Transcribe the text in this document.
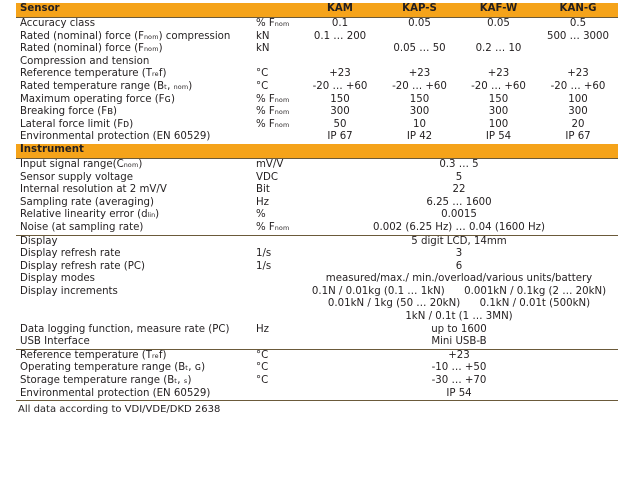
Sensor		KAM	KAP-S	KAF-W	KAN-G
Accuracy class	% Fₙₒₘ	0.1	0.05	0.05	0.5
Rated (nominal) force (Fₙₒₘ) compression	kN	0.1 … 200			500 … 3000

Rated (nominal) force (Fₙₒₘ)
Compression and tension	kN		0.05 … 50	0.2 … 10	
Reference temperature (Tᵣₑf)	°C	+23	+23	+23	+23
Rated temperature range (Bₜ, ₙₒₘ)	°C	-20 … +60	-20 … +60	-20 … +60	-20 … +60
Maximum operating force (Fɢ)	% Fₙₒₘ	150	150	150	100
Breaking force (Fʙ)	% Fₙₒₘ	300	300	300	300
Lateral force limit (Fᴅ)	% Fₙₒₘ	50	10	100	20
Environmental protection (EN 60529)		IP 67	IP 42	IP 54	IP 67
Instrument					
Input signal range(Cₙₒₘ)	mV/V	0.3 … 5			
Sensor supply voltage	VDC	5			
Internal resolution at 2 mV/V	Bit	22			
Sampling rate (averaging)	Hz	6.25 … 1600			
Relative linearity error (dₗᵢₙ)	%	0.0015			
Noise (at sampling rate)	% Fₙₒₘ	0.002 (6.25 Hz) … 0.04 (1600 Hz)			
Display		5 digit LCD, 14mm			
Display refresh rate	1/s	3			
Display refresh rate (PC)	1/s	6			
Display modes		measured/max./ min./overload/various units/battery			
Display increments		0.1N / 0.01kg (0.1 … 1kN)      0.001kN / 0.1kg (2 … 20kN)
0.01kN / 1kg (50 … 20kN)      0.1kN / 0.01t (500kN)
1kN / 0.1t (1 … 3MN)			

Data logging function, measure rate (PC)	Hz	up to 1600			
USB Interface		Mini USB-B			
Reference temperature (Tᵣₑf)	°C	+23			
Operating temperature range (Bₜ, ɢ)	°C	-10 … +50			
Storage temperature range (Bₜ, ₛ)	°C	-30 … +70			
Environmental protection (EN 60529)		IP 54			
All data according to VDI/VDE/DKD 2638
